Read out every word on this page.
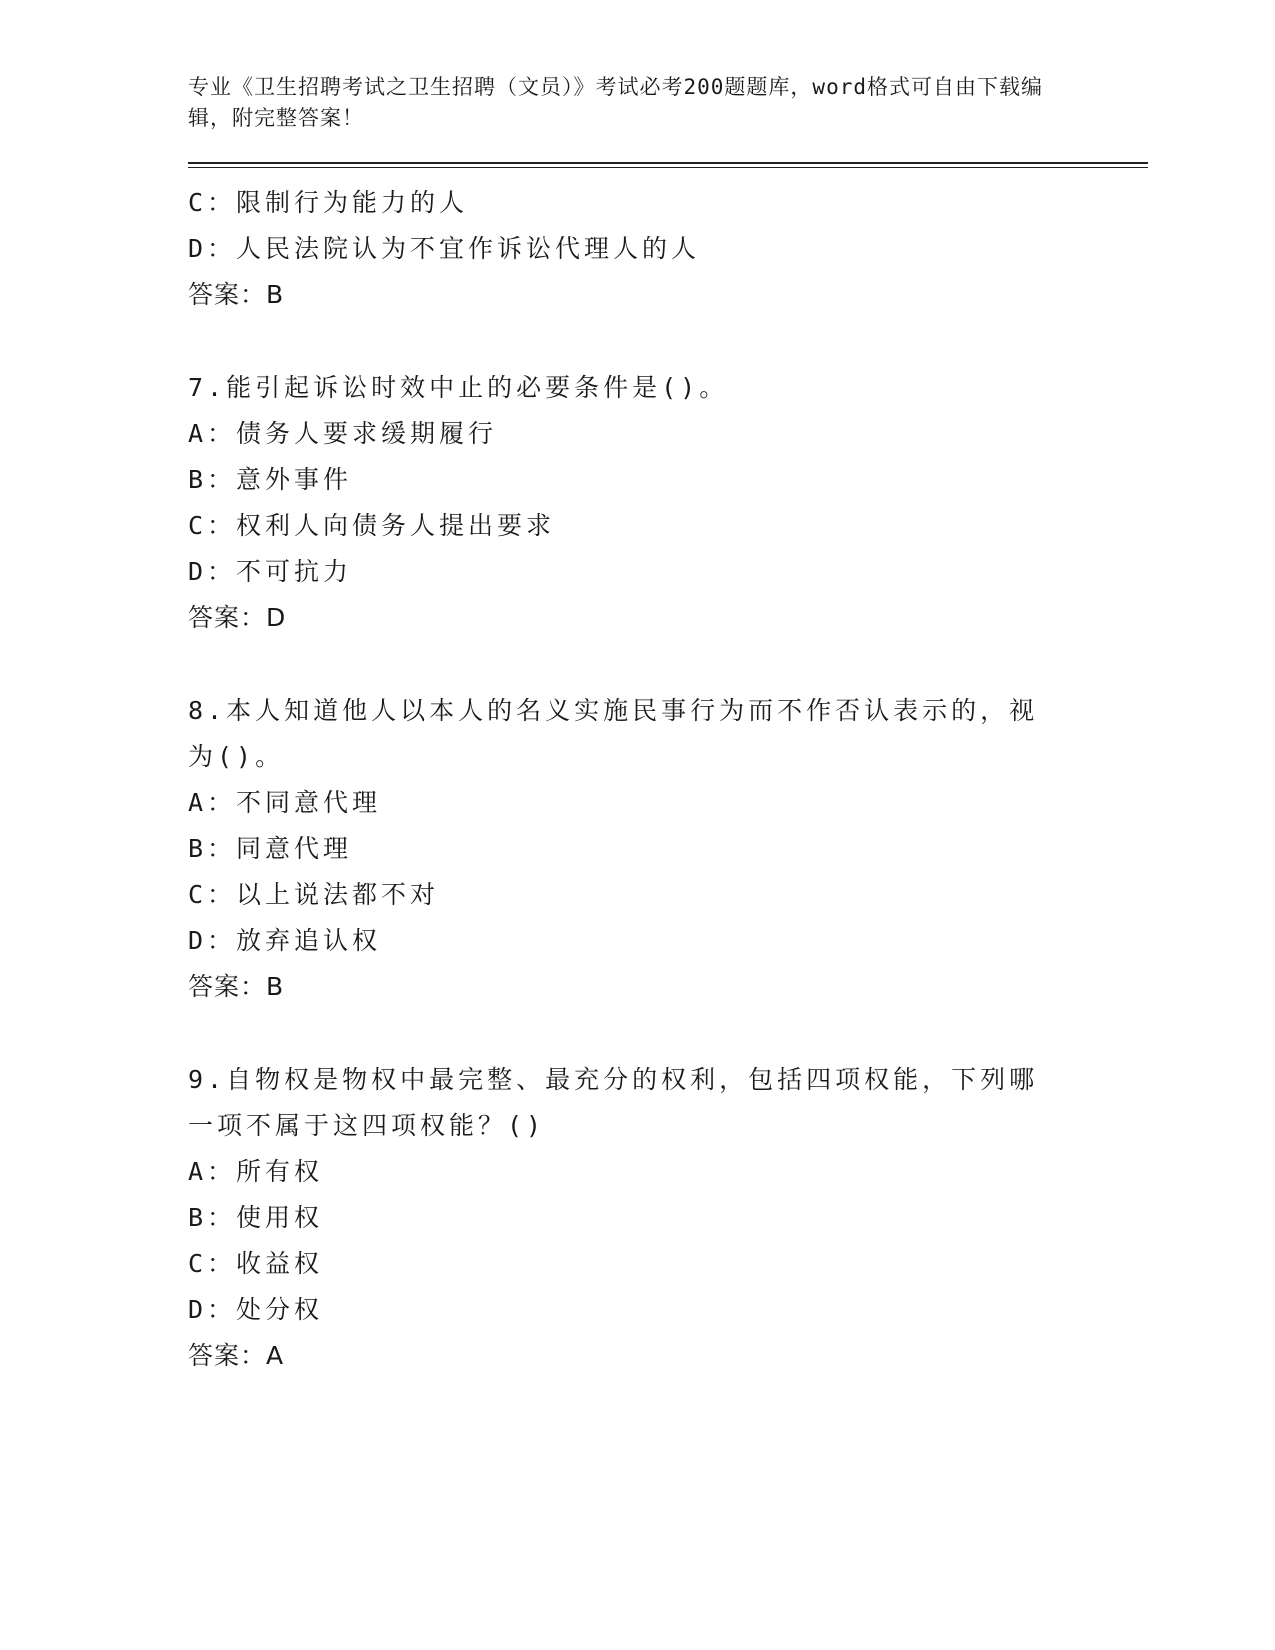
专业《卫生招聘考试之卫生招聘（文员）》考试必考200题题库，word格式可自由下载编辑，附完整答案！
C：限制行为能力的人
D：人民法院认为不宜作诉讼代理人的人
答案：B
7.能引起诉讼时效中止的必要条件是()。
A：债务人要求缓期履行
B：意外事件
C：权利人向债务人提出要求
D：不可抗力
答案：D
8.本人知道他人以本人的名义实施民事行为而不作否认表示的，视为()。
A：不同意代理
B：同意代理
C：以上说法都不对
D：放弃追认权
答案：B
9.自物权是物权中最完整、最充分的权利，包括四项权能，下列哪一项不属于这四项权能？()
A：所有权
B：使用权
C：收益权
D：处分权
答案：A
